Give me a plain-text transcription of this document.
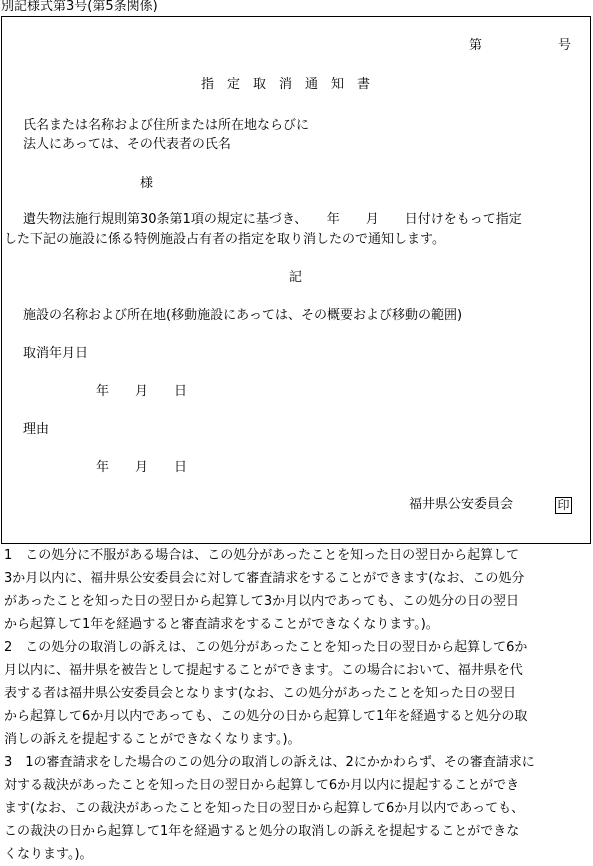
別記様式第3号(第5条関係)
第	号
指定取消通知書
氏名または名称および住所または所在地ならびに
法人にあっては、その代表者の氏名
様
遺失物法施行規則第30条第1項の規定に基づき、　　年　　月　　日付けをもって指定
した下記の施設に係る特例施設占有者の指定を取り消したので通知します。
記
施設の名称および所在地(移動施設にあっては、その概要および移動の範囲)
取消年月日
年　　月　　日
理由
年　　月　　日
福井県公安委員会	印
1　この処分に不服がある場合は、この処分があったことを知った日の翌日から起算して
3か月以内に、福井県公安委員会に対して審査請求をすることができます(なお、この処分
があったことを知った日の翌日から起算して3か月以内であっても、この処分の日の翌日
から起算して1年を経過すると審査請求をすることができなくなります。)。
2　この処分の取消しの訴えは、この処分があったことを知った日の翌日から起算して6か
月以内に、福井県を被告として提起することができます。この場合において、福井県を代
表する者は福井県公安委員会となります(なお、この処分があったことを知った日の翌日
から起算して6か月以内であっても、この処分の日から起算して1年を経過すると処分の取
消しの訴えを提起することができなくなります。)。
3　1の審査請求をした場合のこの処分の取消しの訴えは、2にかかわらず、その審査請求に
対する裁決があったことを知った日の翌日から起算して6か月以内に提起することができ
ます(なお、この裁決があったことを知った日の翌日から起算して6か月以内であっても、
この裁決の日から起算して1年を経過すると処分の取消しの訴えを提起することができな
くなります。)。
